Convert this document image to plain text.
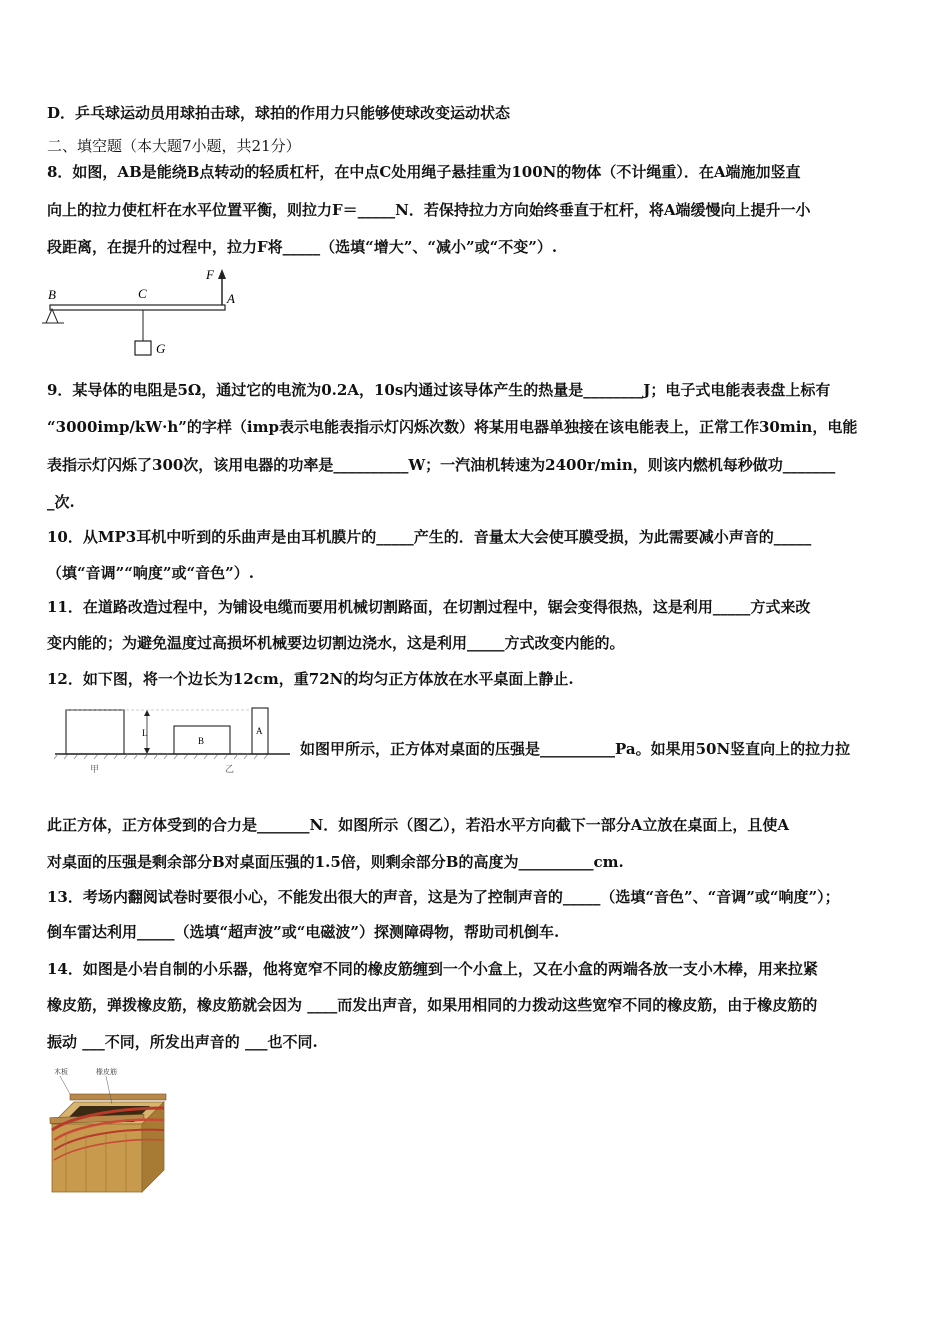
D．乒乓球运动员用球拍击球，球拍的作用力只能够使球改变运动状态
二、填空题（本大题7小题，共21分）
8．如图，AB是能绕B点转动的轻质杠杆，在中点C处用绳子悬挂重为100N的物体（不计绳重）．在A端施加竖直
向上的拉力使杠杆在水平位置平衡，则拉力F＝_____N．若保持拉力方向始终垂直于杠杆，将A端缓慢向上提升一小
段距离，在提升的过程中，拉力F将_____（选填“增大”、“减小”或“不变”）.
B	C	A
F
G
9．某导体的电阻是5Ω，通过它的电流为0.2A，10s内通过该导体产生的热量是________J；电子式电能表表盘上标有
“3000imp/kW·h”的字样（imp表示电能表指示灯闪烁次数）将某用电器单独接在该电能表上，正常工作30min，电能
表指示灯闪烁了300次，该用电器的功率是__________W；一汽油机转速为2400r/min，则该内燃机每秒做功_______
_次.
10．从MP3耳机中听到的乐曲声是由耳机膜片的_____产生的．音量太大会使耳膜受损，为此需要减小声音的_____
（填“音调”“响度”或“音色”）.
11．在道路改造过程中，为铺设电缆而要用机械切割路面，在切割过程中，锯会变得很热，这是利用_____方式来改
变内能的；为避免温度过高损坏机械要边切割边浇水，这是利用_____方式改变内能的。
12．如下图，将一个边长为12cm，重72N的均匀正方体放在水平桌面上静止.
L
B
A
甲	乙
如图甲所示，正方体对桌面的压强是__________Pa。如果用50N竖直向上的拉力拉
此正方体，正方体受到的合力是_______N．如图所示（图乙），若沿水平方向截下一部分A立放在桌面上，且使A
对桌面的压强是剩余部分B对桌面压强的1.5倍，则剩余部分B的高度为__________cm.
13．考场内翻阅试卷时要很小心，不能发出很大的声音，这是为了控制声音的_____（选填“音色”、“音调”或“响度”）；
倒车雷达利用_____（选填“超声波”或“电磁波”）探测障碍物，帮助司机倒车.
14．如图是小岩自制的小乐器，他将宽窄不同的橡皮筋缠到一个小盒上，又在小盒的两端各放一支小木棒，用来拉紧
橡皮筋，弹拨橡皮筋，橡皮筋就会因为 ____而发出声音，如果用相同的力拨动这些宽窄不同的橡皮筋，由于橡皮筋的
振动 ___不同，所发出声音的 ___也不同.
木板	橡皮筋
